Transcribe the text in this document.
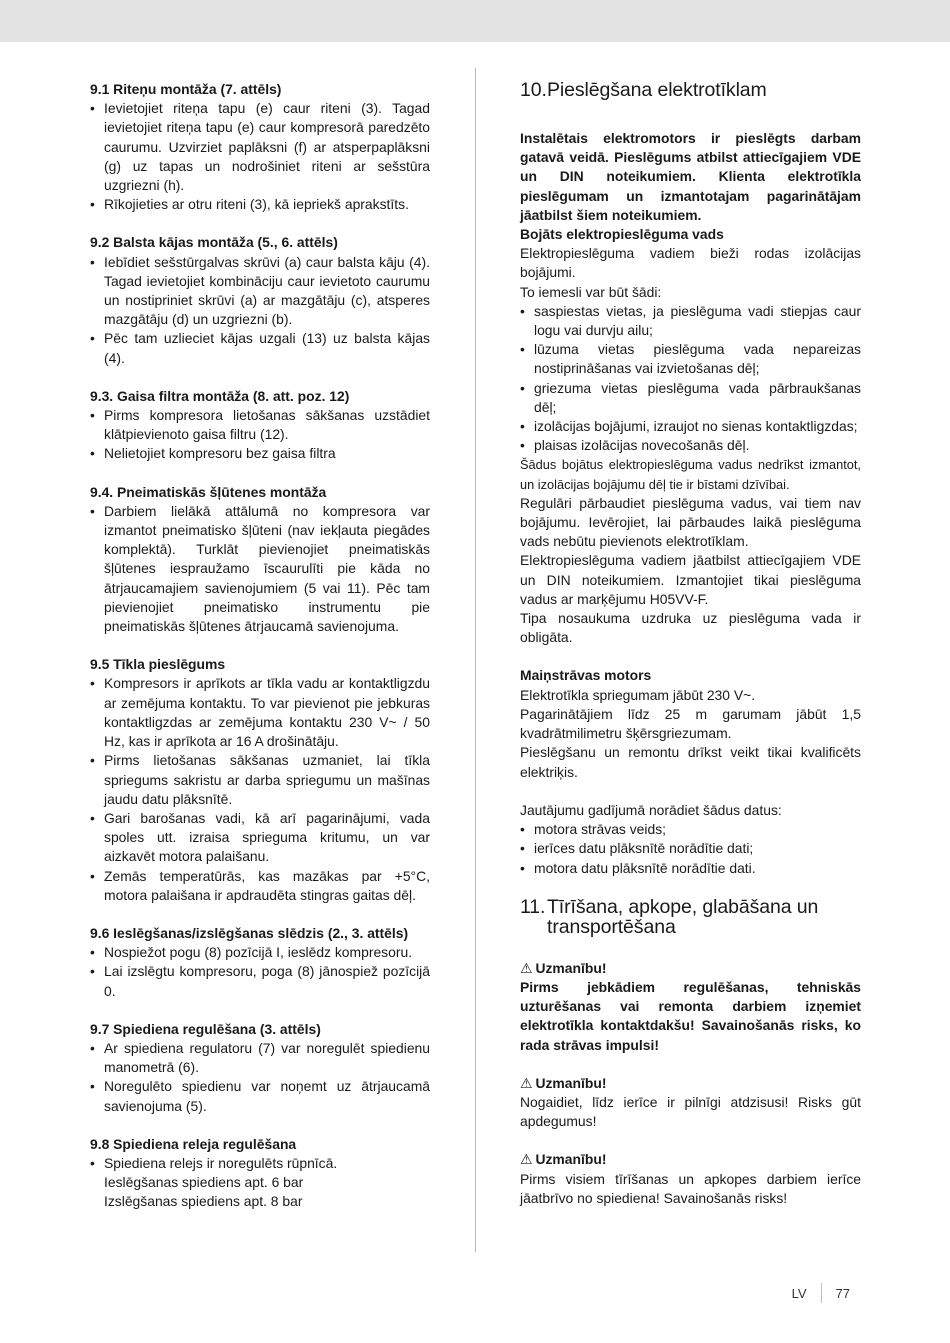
9.1 Riteņu montāža (7. attēls)

• Ievietojiet riteņa tapu (e) caur riteni (3). Tagad ievietojiet riteņa tapu (e) caur kompresorā paredzēto caurumu. Uzvirziet paplāksni (f) ar atsperpaplāksni (g) uz tapas un nodrošiniet riteni ar sešstūra uzgriezni (h).
• Rīkojieties ar otru riteni (3), kā iepriekš aprakstīts.

9.2 Balsta kājas montāža (5., 6. attēls)

• Iebīdiet sešstūrgalvas skrūvi (a) caur balsta kāju (4). Tagad ievietojiet kombināciju caur ievietoto caurumu un nostipriniet skrūvi (a) ar mazgātāju (c), atsperes mazgātāju (d) un uzgriezni (b).
• Pēc tam uzlieciet kājas uzgali (13) uz balsta kājas (4).

9.3. Gaisa filtra montāža (8. att. poz. 12)

• Pirms kompresora lietošanas sākšanas uzstādiet klātpievienoto gaisa filtru (12).
• Nelietojiet kompresoru bez gaisa filtra

9.4. Pneimatiskās šļūtenes montāža

• Darbiem lielākā attālumā no kompresora var izmantot pneimatisko šļūteni (nav iekļauta piegādes komplektā). Turklāt pievienojiet pneimatiskās šļūtenes iespraužamo īscaurulīti pie kāda no ātrjaucamajiem savienojumiem (5 vai 11). Pēc tam pievienojiet pneimatisko instrumentu pie pneimatiskās šļūtenes ātrjaucamā savienojuma.

9.5 Tīkla pieslēgums

• Kompresors ir aprīkots ar tīkla vadu ar kontaktligzdu ar zemējuma kontaktu. To var pievienot pie jebkuras kontaktligzdas ar zemējuma kontaktu 230 V~ / 50 Hz, kas ir aprīkota ar 16 A drošinātāju.
• Pirms lietošanas sākšanas uzmaniet, lai tīkla spriegums sakristu ar darba spriegumu un mašīnas jaudu datu plāksnītē.
• Gari barošanas vadi, kā arī pagarinājumi, vada spoles utt. izraisa sprieguma kritumu, un var aizkavēt motora palaišanu.
• Zemās temperatūrās, kas mazākas par +5°C, motora palaišana ir apdraudēta stingras gaitas dēļ.

9.6 Ieslēgšanas/izslēgšanas slēdzis (2., 3. attēls)

• Nospiežot pogu (8) pozīcijā I, ieslēdz kompresoru.
• Lai izslēgtu kompresoru, poga (8) jānospiež pozīcijā 0.

9.7 Spiediena regulēšana (3. attēls)

• Ar spiediena regulatoru (7) var noregulēt spiedienu manometrā (6).
• Noregulēto spiedienu var noņemt uz ātrjaucamā savienojuma (5).

9.8 Spiediena releja regulēšana

• Spiediena relejs ir noregulēts rūpnīcā.

Ieslēgšanas spiediens apt. 6 bar

Izslēgšanas spiediens apt. 8 bar

10. Pieslēgšana elektrotīklam

Instalētais elektromotors ir pieslēgts darbam gatavā veidā. Pieslēgums atbilst attiecīgajiem VDE un DIN noteikumiem. Klienta elektrotīkla pieslēgumam un izmantotajam pagarinātājam jāatbilst šiem noteikumiem.

Bojāts elektropieslēguma vads

Elektropieslēguma vadiem bieži rodas izolācijas bojājumi.

To iemesli var būt šādi:

• saspiestas vietas, ja pieslēguma vadi stiepjas caur logu vai durvju ailu;
• lūzuma vietas pieslēguma vada nepareizas nostiprināšanas vai izvietošanas dēļ;
• griezuma vietas pieslēguma vada pārbraukšanas dēļ;
• izolācijas bojājumi, izraujot no sienas kontaktligzdas;
• plaisas izolācijas novecošanās dēļ.

Šādus bojātus elektropieslēguma vadus nedrīkst izmantot, un izolācijas bojājumu dēļ tie ir bīstami dzīvībai.

Regulāri pārbaudiet pieslēguma vadus, vai tiem nav bojājumu. Ievērojiet, lai pārbaudes laikā pieslēguma vads nebūtu pievienots elektrotīklam.

Elektropieslēguma vadiem jāatbilst attiecīgajiem VDE un DIN noteikumiem. Izmantojiet tikai pieslēguma vadus ar marķējumu H05VV-F.

Tipa nosaukuma uzdruka uz pieslēguma vada ir obligāta.

Maiņstrāvas motors

Elektrotīkla spriegumam jābūt 230 V~.

Pagarinātājiem līdz 25 m garumam jābūt 1,5 kvadrātmilimetru šķērsgriezumam.

Pieslēgšanu un remontu drīkst veikt tikai kvalificēts elektriķis.

Jautājumu gadījumā norādiet šādus datus:

• motora strāvas veids;
• ierīces datu plāksnītē norādītie dati;
• motora datu plāksnītē norādītie dati.
11. Tīrīšana, apkope, glabāšana un transportēšana

⚠ Uzmanību!

Pirms jebkādiem regulēšanas, tehniskās uzturēšanas vai remonta darbiem izņemiet elektrotīkla kontaktdakšu! Savainošanās risks, ko rada strāvas impulsi!

⚠ Uzmanību!

Nogaidiet, līdz ierīce ir pilnīgi atdzisusi! Risks gūt apdegumus!

⚠ Uzmanību!

Pirms visiem tīrīšanas un apkopes darbiem ierīce jāatbrīvo no spiediena! Savainošanās risks!

LV 77
